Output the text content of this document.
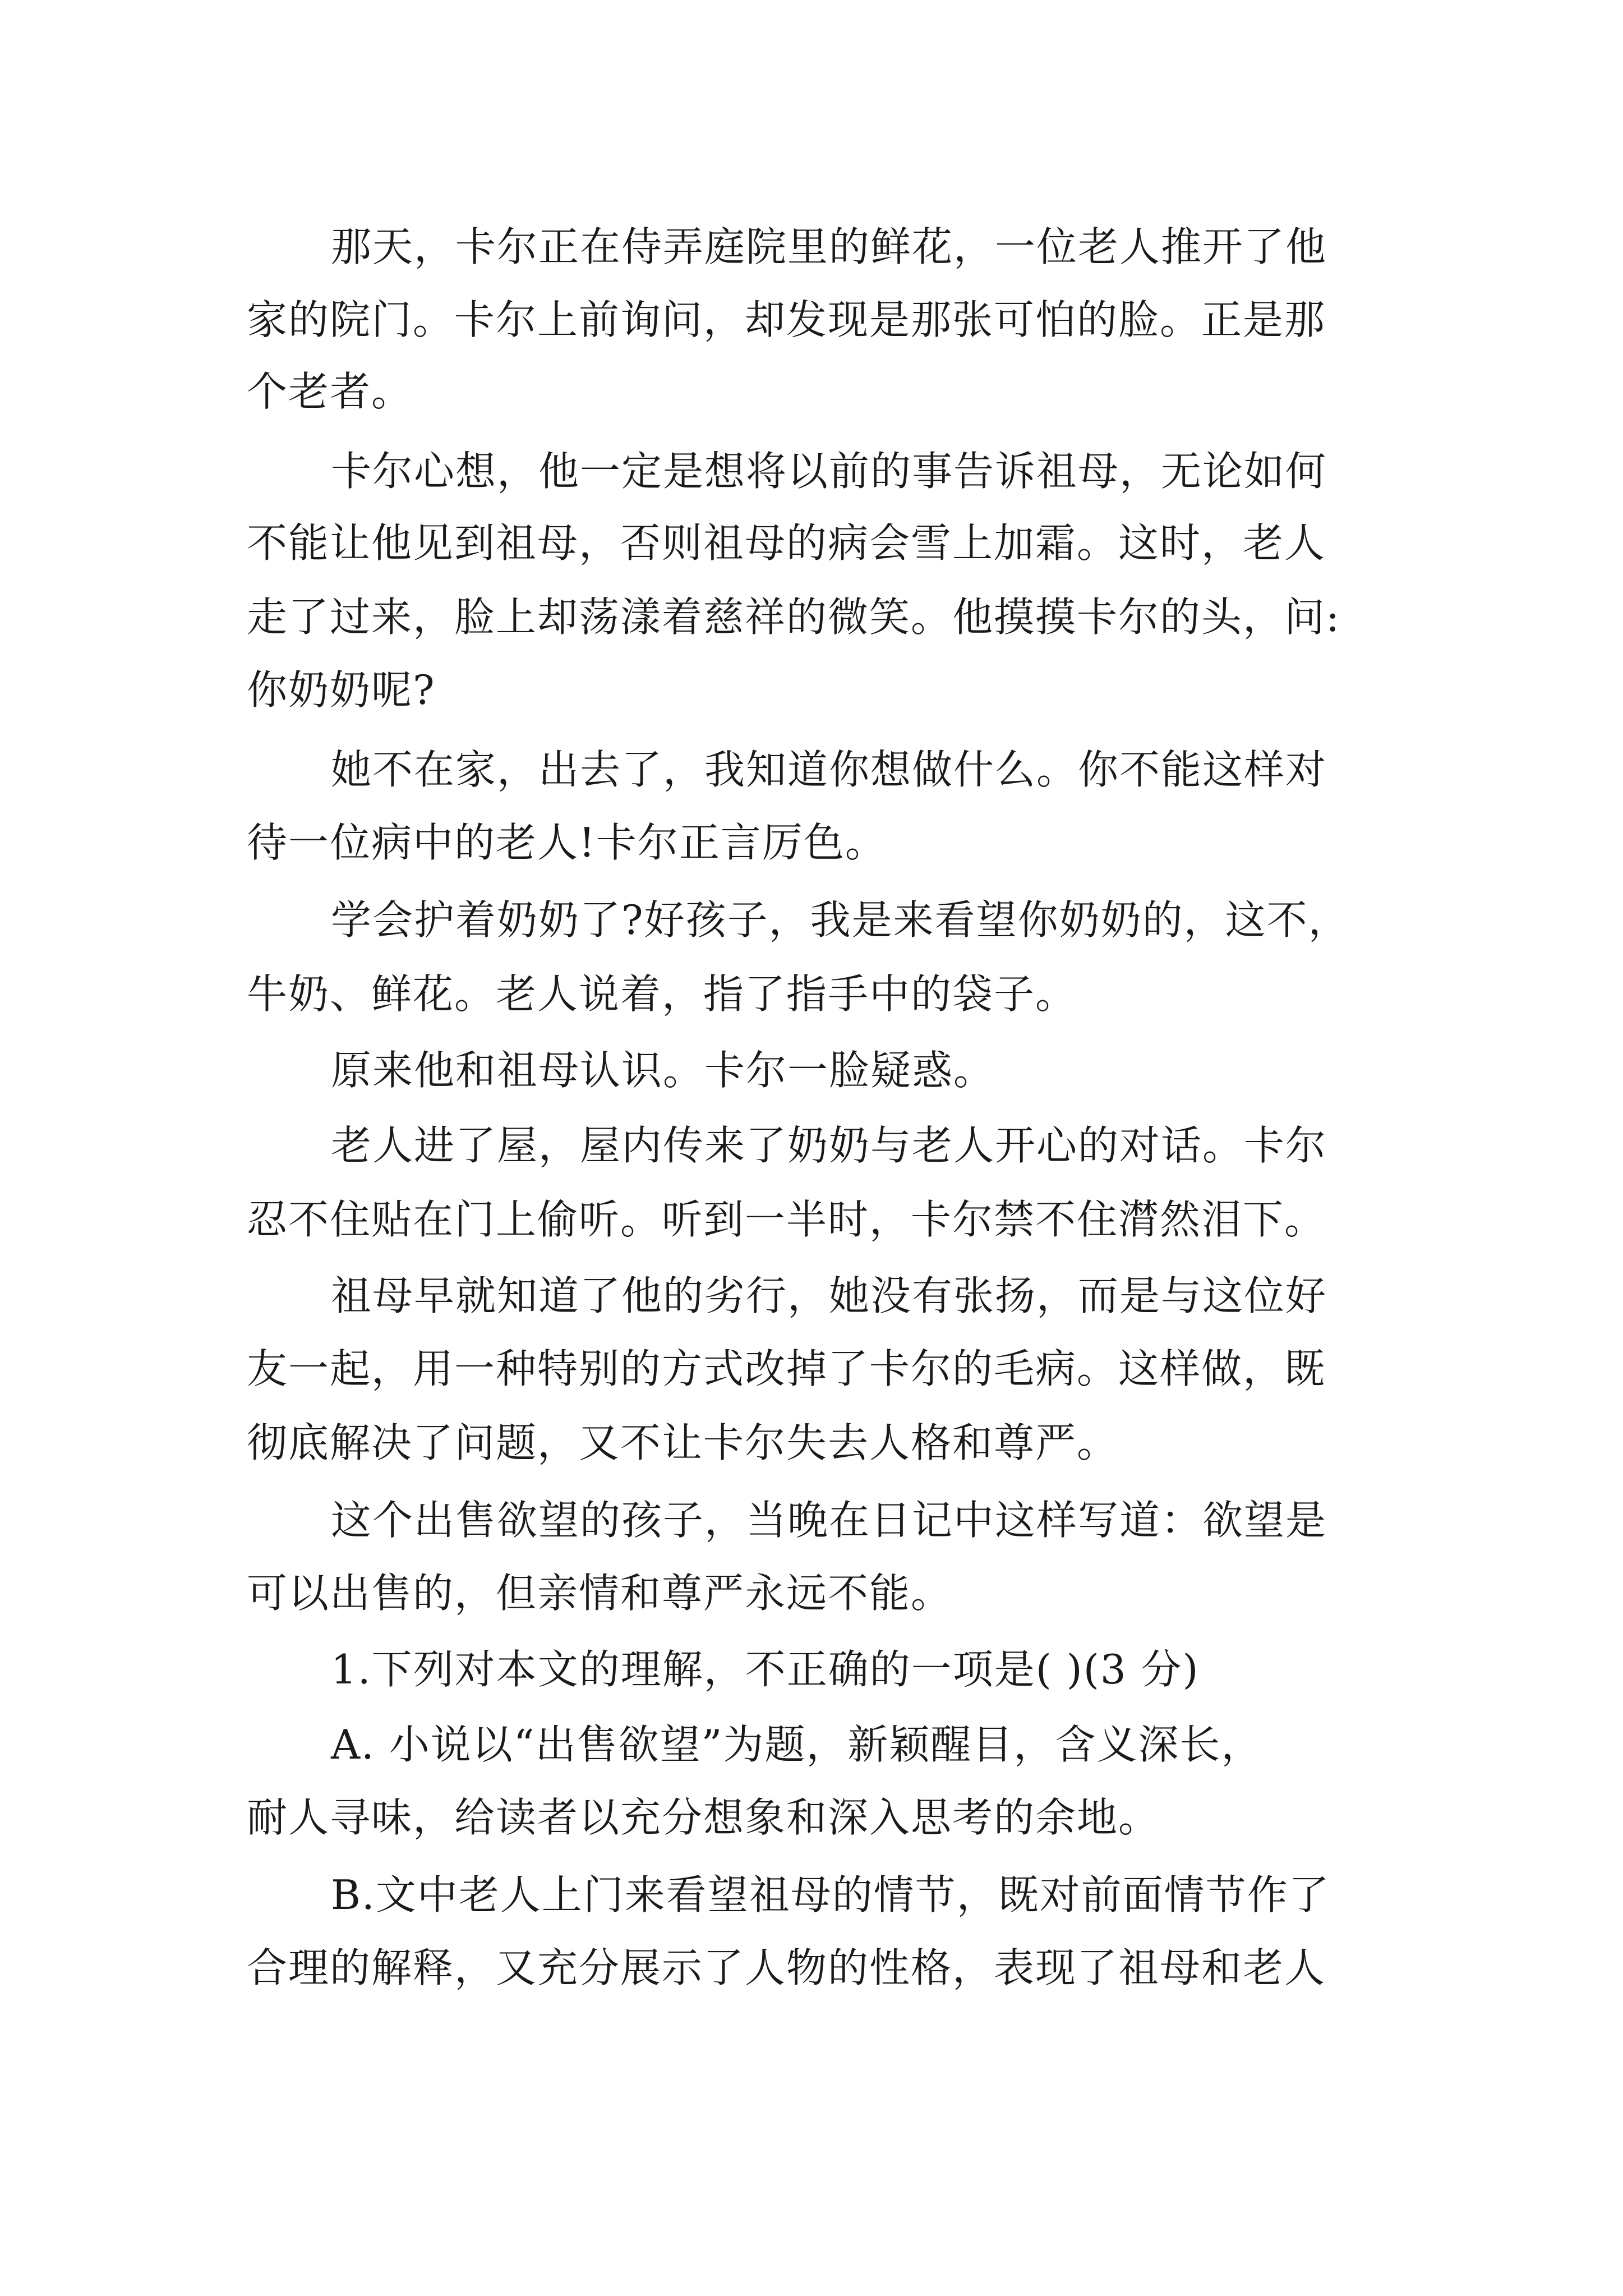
那天，卡尔正在侍弄庭院里的鲜花，一位老人推开了他
家的院门。卡尔上前询问，却发现是那张可怕的脸。正是那
个老者。
卡尔心想，他一定是想将以前的事告诉祖母，无论如何
不能让他见到祖母，否则祖母的病会雪上加霜。这时，老人
走了过来，脸上却荡漾着慈祥的微笑。他摸摸卡尔的头，问:
你奶奶呢?
她不在家，出去了，我知道你想做什么。你不能这样对
待一位病中的老人!卡尔正言厉色。
学会护着奶奶了?好孩子，我是来看望你奶奶的，这不，
牛奶、鲜花。老人说着，指了指手中的袋子。
原来他和祖母认识。卡尔一脸疑惑。
老人进了屋，屋内传来了奶奶与老人开心的对话。卡尔
忍不住贴在门上偷听。听到一半时，卡尔禁不住潸然泪下。
祖母早就知道了他的劣行，她没有张扬，而是与这位好
友一起，用一种特别的方式改掉了卡尔的毛病。这样做，既
彻底解决了问题，又不让卡尔失去人格和尊严。
这个出售欲望的孩子，当晚在日记中这样写道：欲望是
可以出售的，但亲情和尊严永远不能。
1.下列对本文的理解，不正确的一项是( )(3 分)
A. 小说以“出售欲望”为题，新颖醒目，含义深长，
耐人寻味，给读者以充分想象和深入思考的余地。
B.文中老人上门来看望祖母的情节，既对前面情节作了
合理的解释，又充分展示了人物的性格，表现了祖母和老人
